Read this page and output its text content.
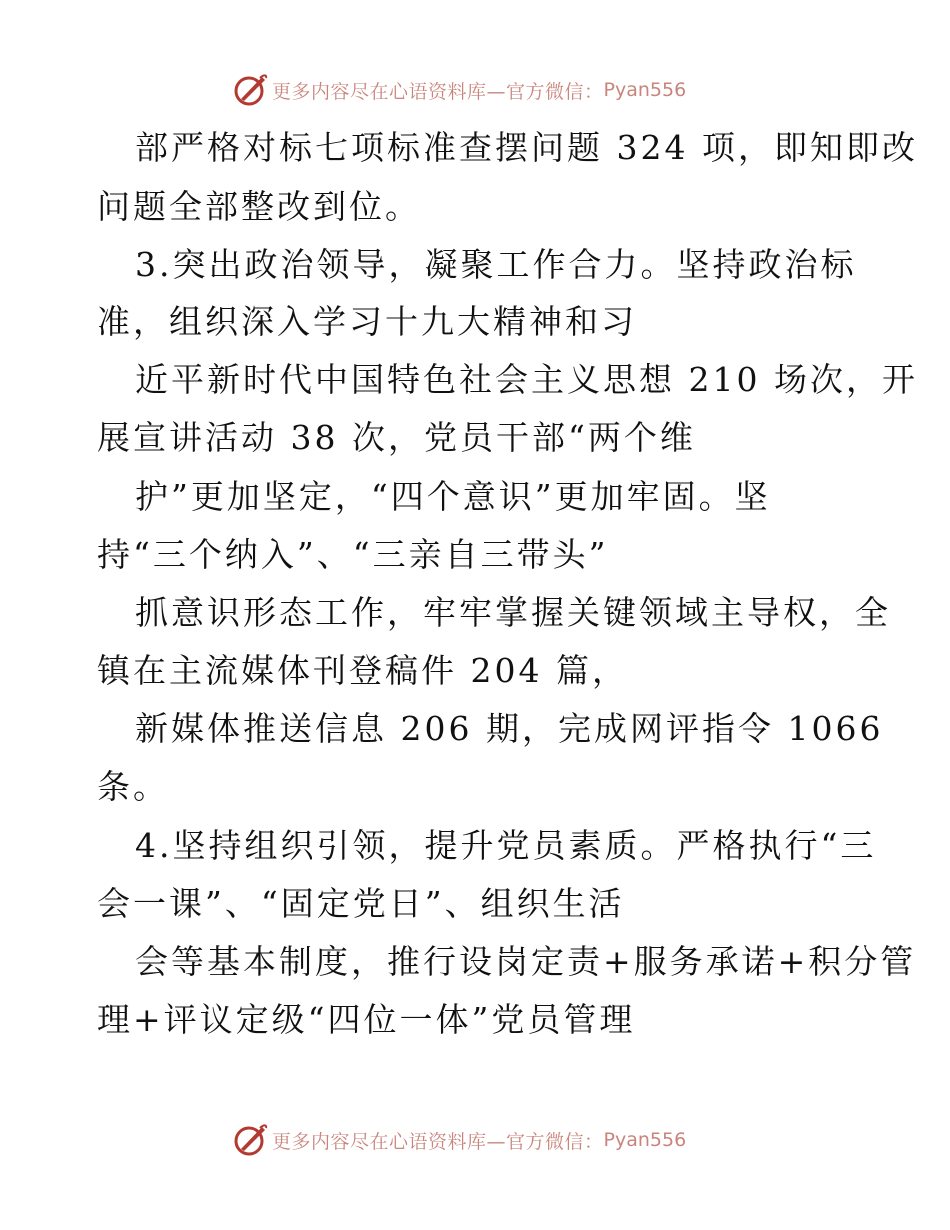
更多内容尽在心语资料库—官方微信： Pyan556
部严格对标七项标准查摆问题 324 项，即知即改
问题全部整改到位。
3.突出政治领导，凝聚工作合力。坚持政治标
准，组织深入学习十九大精神和习
近平新时代中国特色社会主义思想 210 场次，开
展宣讲活动 38 次，党员干部“两个维
护”更加坚定，“四个意识”更加牢固。坚
持“三个纳入”、“三亲自三带头”
抓意识形态工作，牢牢掌握关键领域主导权，全
镇在主流媒体刊登稿件 204 篇，
新媒体推送信息 206 期，完成网评指令 1066
条。
4.坚持组织引领，提升党员素质。严格执行“三
会一课”、“固定党日”、组织生活
会等基本制度，推行设岗定责+服务承诺+积分管
理+评议定级“四位一体”党员管理
更多内容尽在心语资料库—官方微信： Pyan556
